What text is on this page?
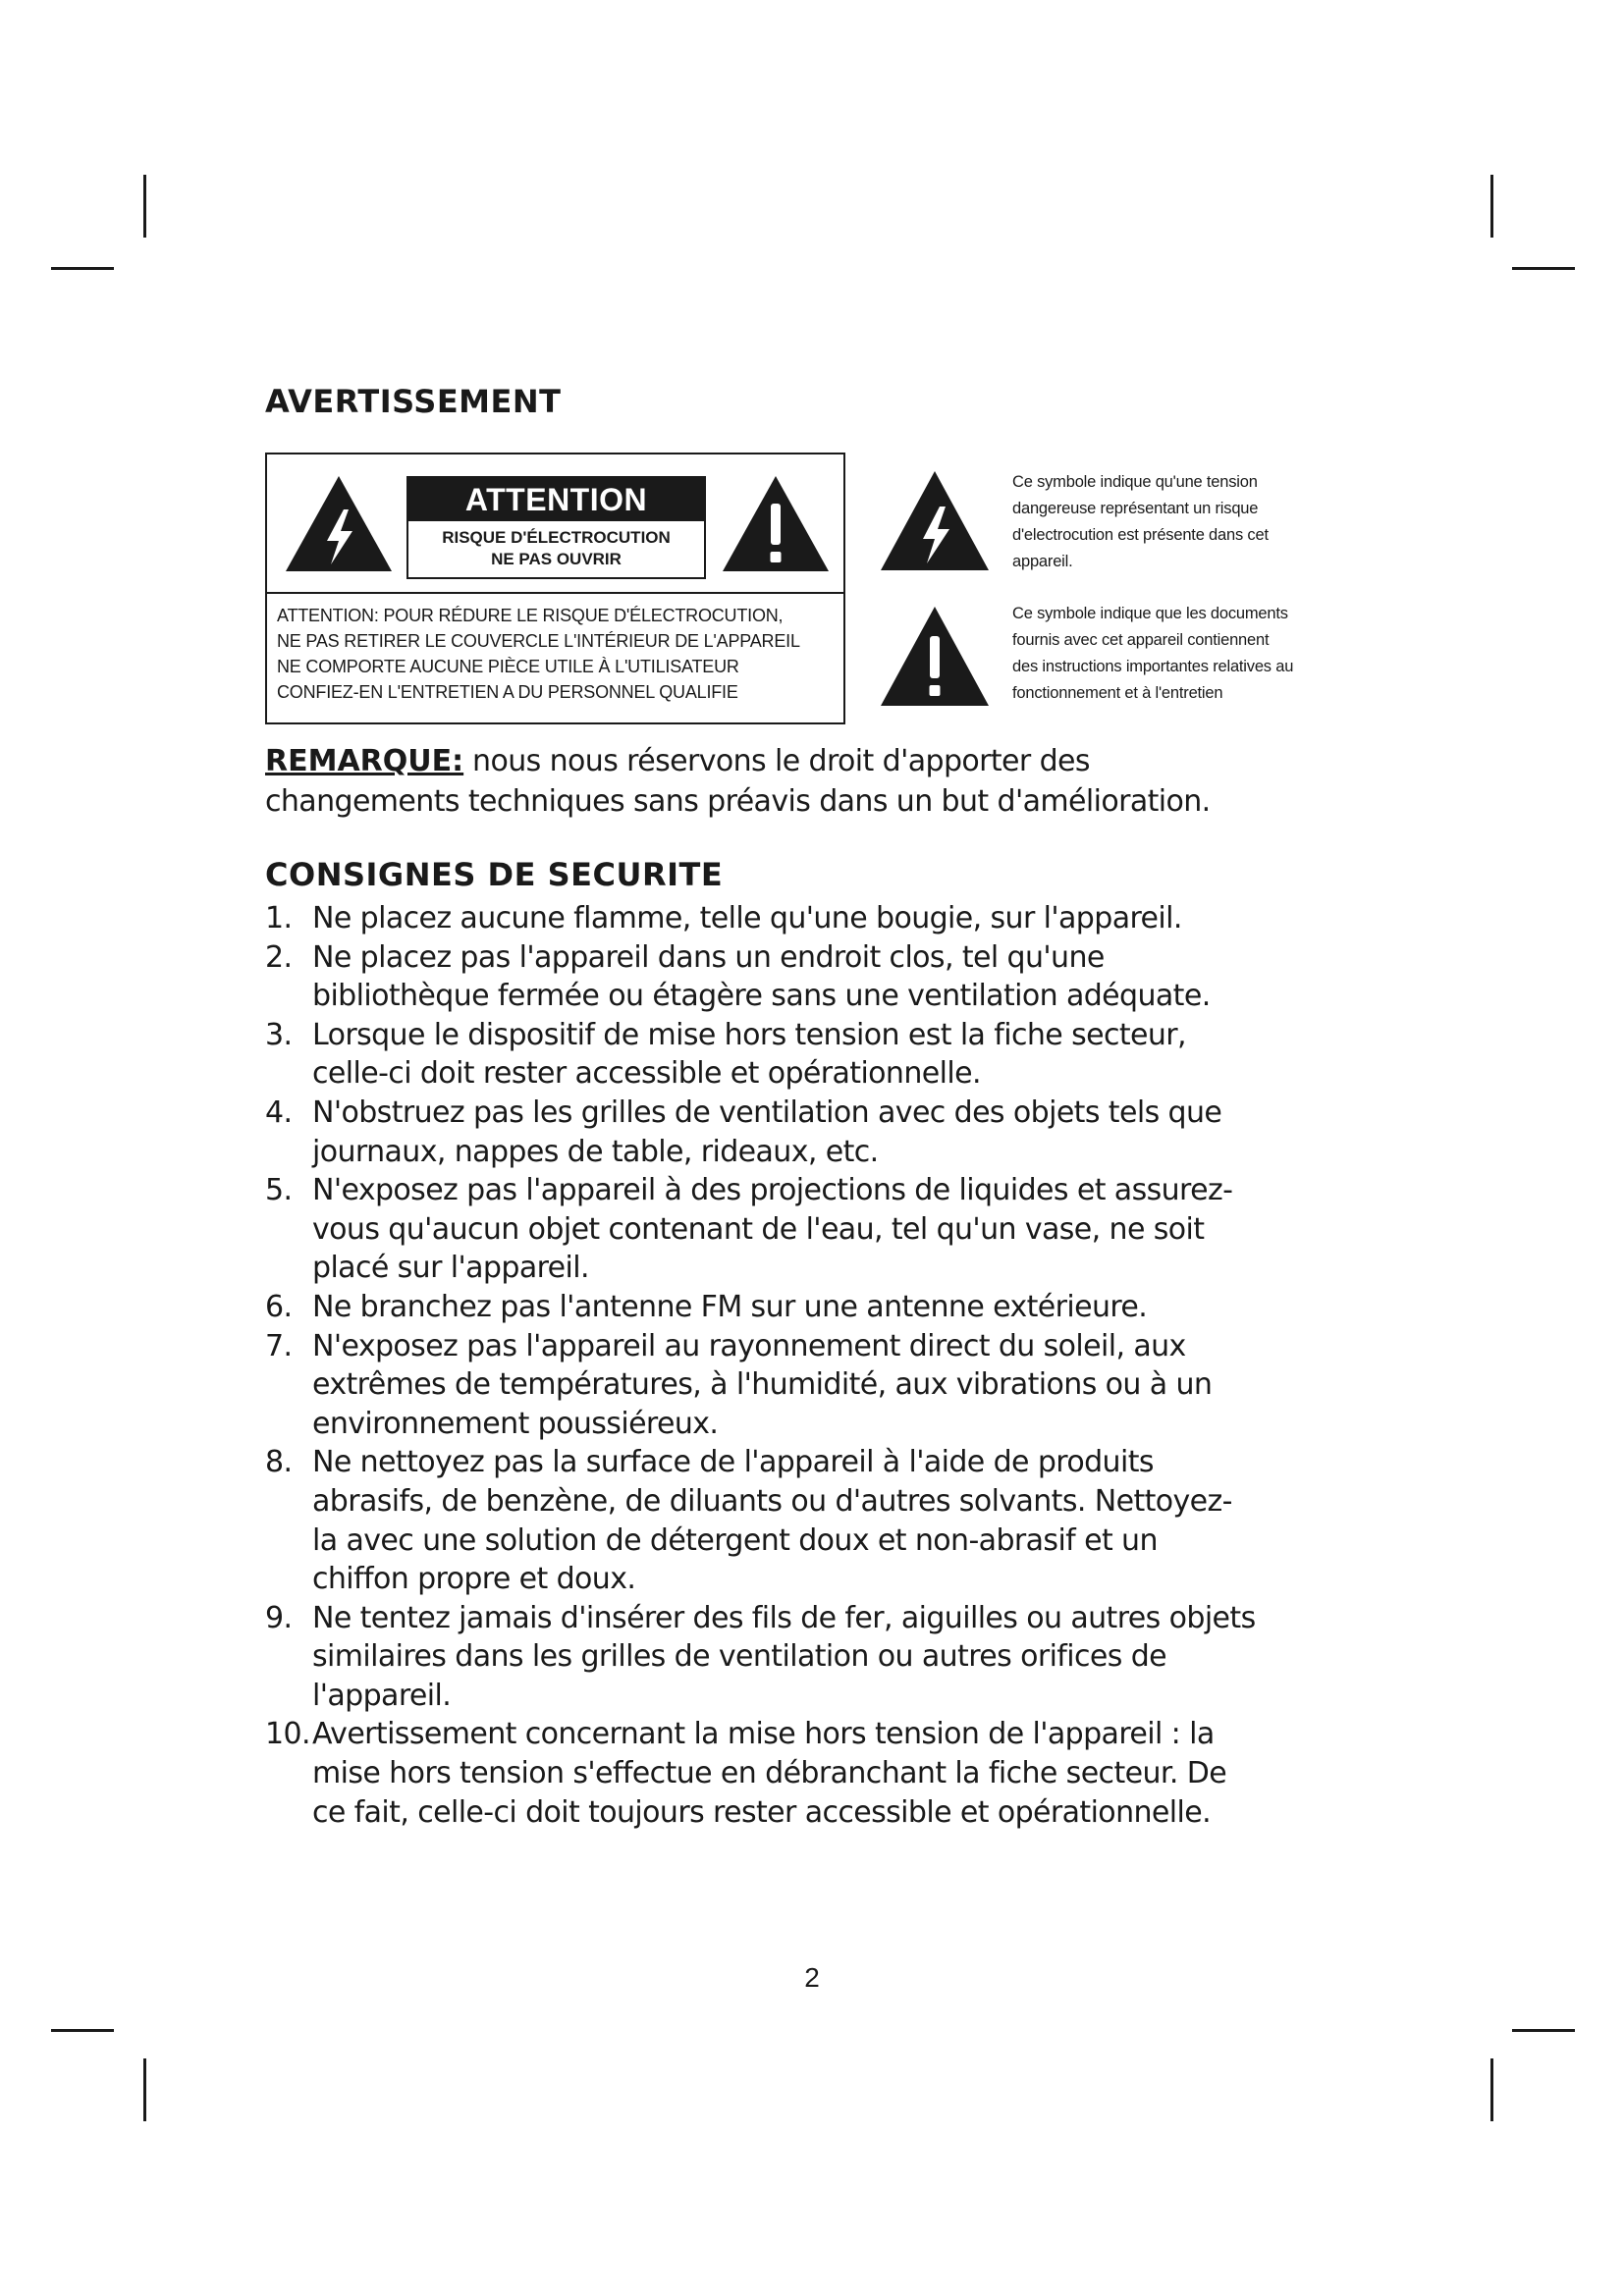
AVERTISSEMENT
ATTENTION
RISQUE D'ÉLECTROCUTION
NE PAS OUVRIR
ATTENTION: POUR RÉDURE LE RISQUE D'ÉLECTROCUTION,
NE PAS RETIRER LE COUVERCLE L'INTÉRIEUR DE L'APPAREIL
NE COMPORTE AUCUNE PIÈCE UTILE À L'UTILISATEUR
CONFIEZ-EN L'ENTRETIEN A DU PERSONNEL QUALIFIE
Ce symbole indique qu'une tension
dangereuse représentant un risque
d'electrocution est présente dans cet
appareil.
Ce symbole indique que les documents
fournis avec cet appareil contiennent
des instructions importantes relatives au
fonctionnement et à l'entretien
REMARQUE: nous nous réservons le droit d'apporter des
changements techniques sans préavis dans un but d'amélioration.
CONSIGNES DE SECURITE
1. Ne placez aucune flamme, telle qu'une bougie, sur l'appareil.
2. Ne placez pas l'appareil dans un endroit clos, tel qu'une
bibliothèque fermée ou étagère sans une ventilation adéquate.
3. Lorsque le dispositif de mise hors tension est la fiche secteur,
celle-ci doit rester accessible et opérationnelle.
4. N'obstruez pas les grilles de ventilation avec des objets tels que
journaux, nappes de table, rideaux, etc.
5. N'exposez pas l'appareil à des projections de liquides et assurez-
vous qu'aucun objet contenant de l'eau, tel qu'un vase, ne soit
placé sur l'appareil.
6. Ne branchez pas l'antenne FM sur une antenne extérieure.
7. N'exposez pas l'appareil au rayonnement direct du soleil, aux
extrêmes de températures, à l'humidité, aux vibrations ou à un
environnement poussiéreux.
8. Ne nettoyez pas la surface de l'appareil à l'aide de produits
abrasifs, de benzène, de diluants ou d'autres solvants. Nettoyez-
la avec une solution de détergent doux et non-abrasif et un
chiffon propre et doux.
9. Ne tentez jamais d'insérer des fils de fer, aiguilles ou autres objets
similaires dans les grilles de ventilation ou autres orifices de
l'appareil.
10. Avertissement concernant la mise hors tension de l'appareil : la
mise hors tension s'effectue en débranchant la fiche secteur. De
ce fait, celle-ci doit toujours rester accessible et opérationnelle.
2
